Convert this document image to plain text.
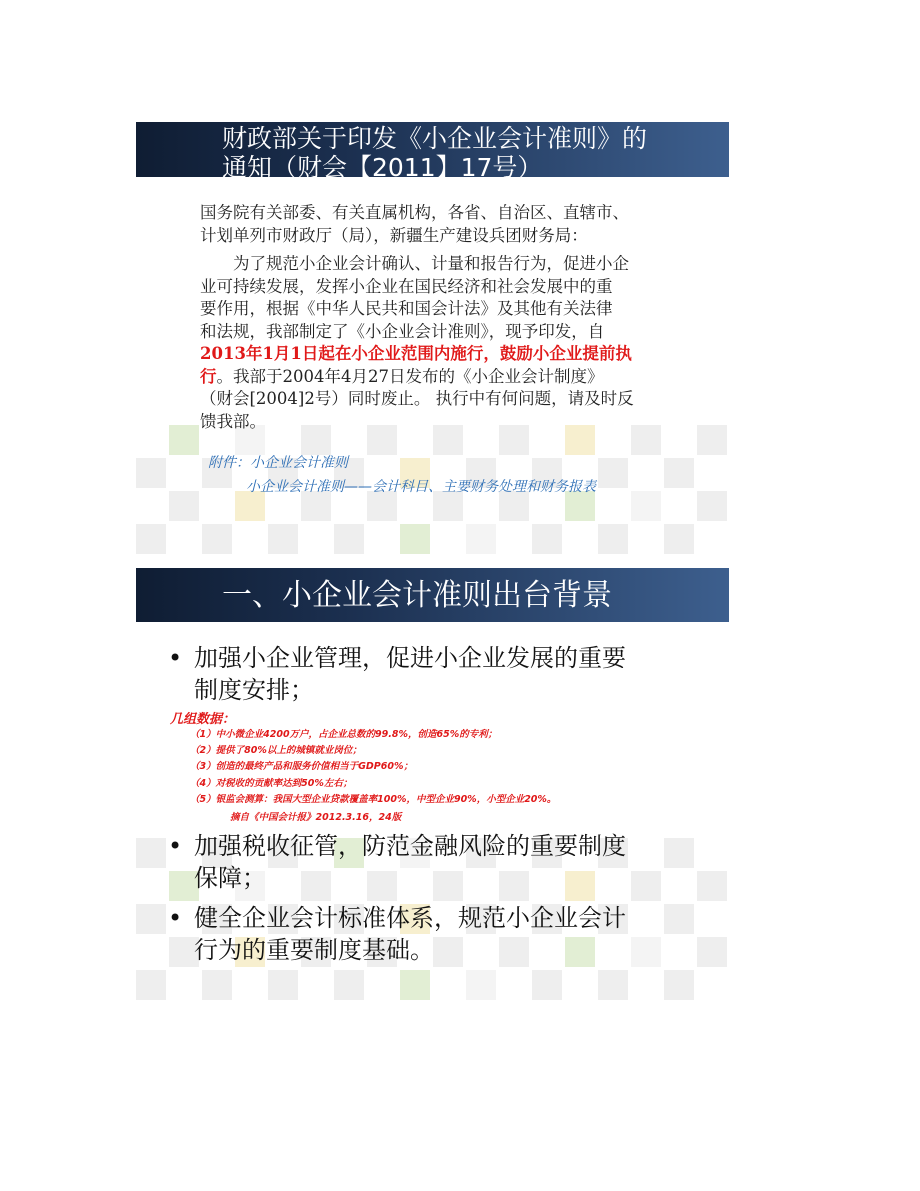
财政部关于印发《小企业会计准则》的
通知（财会【2011】17号）
国务院有关部委、有关直属机构，各省、自治区、直辖市、
计划单列市财政厅（局），新疆生产建设兵团财务局：
为了规范小企业会计确认、计量和报告行为，促进小企
业可持续发展，发挥小企业在国民经济和社会发展中的重
要作用，根据《中华人民共和国会计法》及其他有关法律
和法规，我部制定了《小企业会计准则》，现予印发，自
2013年1月1日起在小企业范围内施行，鼓励小企业提前执
行。我部于2004年4月27日发布的《小企业会计制度》
（财会[2004]2号）同时废止。 执行中有何问题，请及时反
馈我部。
附件：小企业会计准则
小企业会计准则——会计科目、主要财务处理和财务报表
一、小企业会计准则出台背景
• 加强小企业管理，促进小企业发展的重要
制度安排；
几组数据：
（1）中小微企业4200万户，占企业总数的99.8%，创造65%的专利；
（2）提供了80%以上的城镇就业岗位；
（3）创造的最终产品和服务价值相当于GDP60%；
（4）对税收的贡献率达到50%左右；
（5）银监会测算：我国大型企业贷款覆盖率100%，中型企业90%，小型企业20%。
摘自《中国会计报》2012.3.16，24版
• 加强税收征管，防范金融风险的重要制度
保障；
• 健全企业会计标准体系，规范小企业会计
行为的重要制度基础。
